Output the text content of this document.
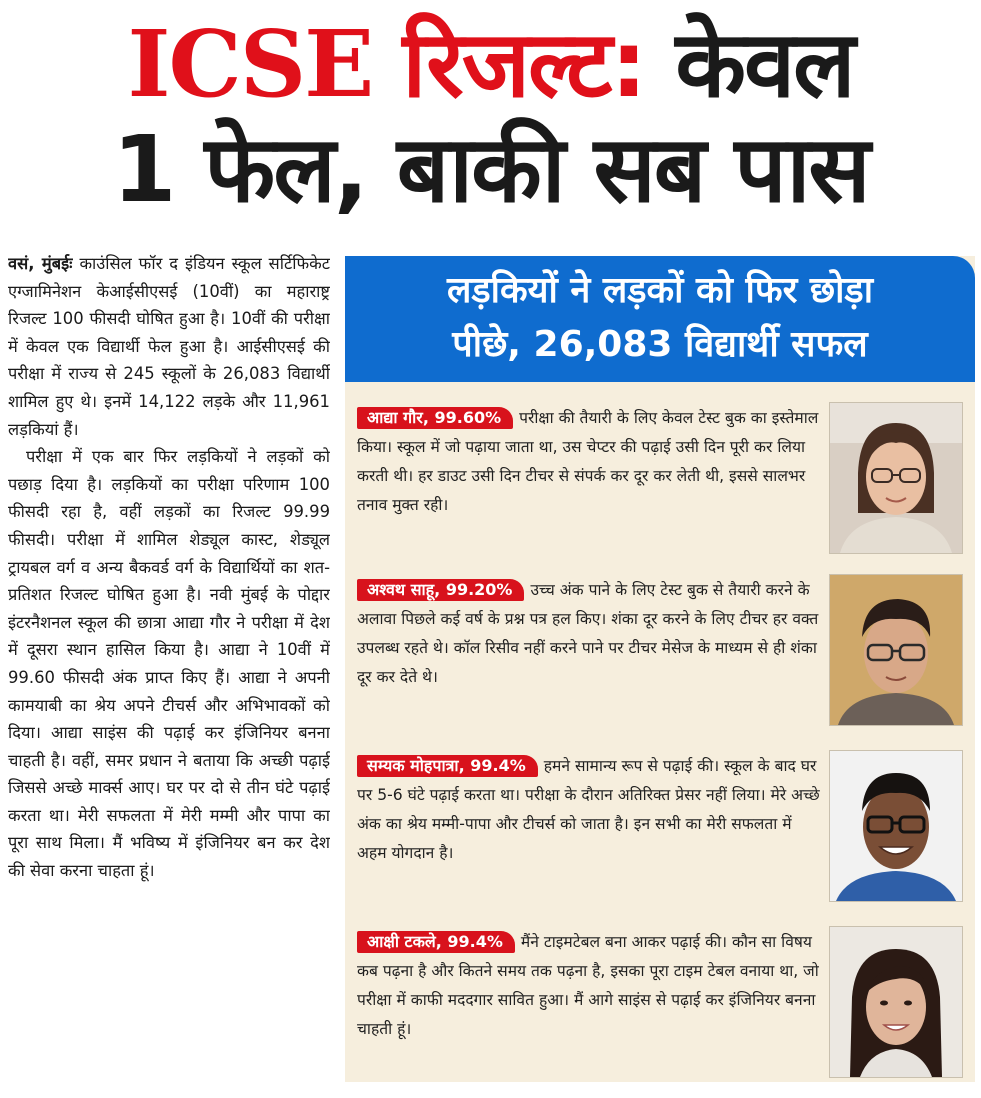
ICSE रिजल्ट: केवल
1 फेल, बाकी सब पास

वसं, मुंबईः काउंसिल फॉर द इंडियन स्कूल सर्टिफिकेट एग्जामिनेशन केआईसीएसई (10वीं) का महाराष्ट्र रिजल्ट 100 फीसदी घोषित हुआ है। 10वीं की परीक्षा में केवल एक विद्यार्थी फेल हुआ है। आईसीएसई की परीक्षा में राज्य से 245 स्कूलों के 26,083 विद्यार्थी शामिल हुए थे। इनमें 14,122 लड़के और 11,961 लड़कियां हैं।

परीक्षा में एक बार फिर लड़कियों ने लड़कों को पछाड़ दिया है। लड़कियों का परीक्षा परिणाम 100 फीसदी रहा है, वहीं लड़कों का रिजल्ट 99.99 फीसदी। परीक्षा में शामिल शेड्यूल कास्ट, शेड्यूल ट्रायबल वर्ग व अन्य बैकवर्ड वर्ग के विद्यार्थियों का शत-प्रतिशत रिजल्ट घोषित हुआ है। नवी मुंबई के पोद्दार इंटरनैशनल स्कूल की छात्रा आद्या गौर ने परीक्षा में देश में दूसरा स्थान हासिल किया है। आद्या ने 10वीं में 99.60 फीसदी अंक प्राप्त किए हैं। आद्या ने अपनी कामयाबी का श्रेय अपने टीचर्स और अभिभावकों को दिया। आद्या साइंस की पढ़ाई कर इंजिनियर बनना चाहती है। वहीं, समर प्रधान ने बताया कि अच्छी पढ़ाई जिससे अच्छे मार्क्स आए। घर पर दो से तीन घंटे पढ़ाई करता था। मेरी सफलता में मेरी मम्मी और पापा का पूरा साथ मिला। मैं भविष्य में इंजिनियर बन कर देश की सेवा करना चाहता हूं।

लड़कियों ने लड़कों को फिर छोड़ा
पीछे, 26,083 विद्यार्थी सफल
आद्या गौर, 99.60% परीक्षा की तैयारी के लिए केवल टेस्ट बुक का इस्तेमाल किया। स्कूल में जो पढ़ाया जाता था, उस चेप्टर की पढ़ाई उसी दिन पूरी कर लिया करती थी। हर डाउट उसी दिन टीचर से संपर्क कर दूर कर लेती थी, इससे सालभर तनाव मुक्त रही।
अश्वथ साहू, 99.20% उच्च अंक पाने के लिए टेस्ट बुक से तैयारी करने के अलावा पिछले कई वर्ष के प्रश्न पत्र हल किए। शंका दूर करने के लिए टीचर हर वक्त उपलब्ध रहते थे। कॉल रिसीव नहीं करने पाने पर टीचर मेसेज के माध्यम से ही शंका दूर कर देते थे।
सम्यक मोहपात्रा, 99.4% हमने सामान्य रूप से पढ़ाई की। स्कूल के बाद घर पर 5-6 घंटे पढ़ाई करता था। परीक्षा के दौरान अतिरिक्त प्रेसर नहीं लिया। मेरे अच्छे अंक का श्रेय मम्मी-पापा और टीचर्स को जाता है। इन सभी का मेरी सफलता में अहम योगदान है।
आक्षी टकले, 99.4% मैंने टाइमटेबल बना आकर पढ़ाई की। कौन सा विषय कब पढ़ना है और कितने समय तक पढ़ना है, इसका पूरा टाइम टेबल वनाया था, जो परीक्षा में काफी मददगार सावित हुआ। मैं आगे साइंस से पढ़ाई कर इंजिनियर बनना चाहती हूं।
